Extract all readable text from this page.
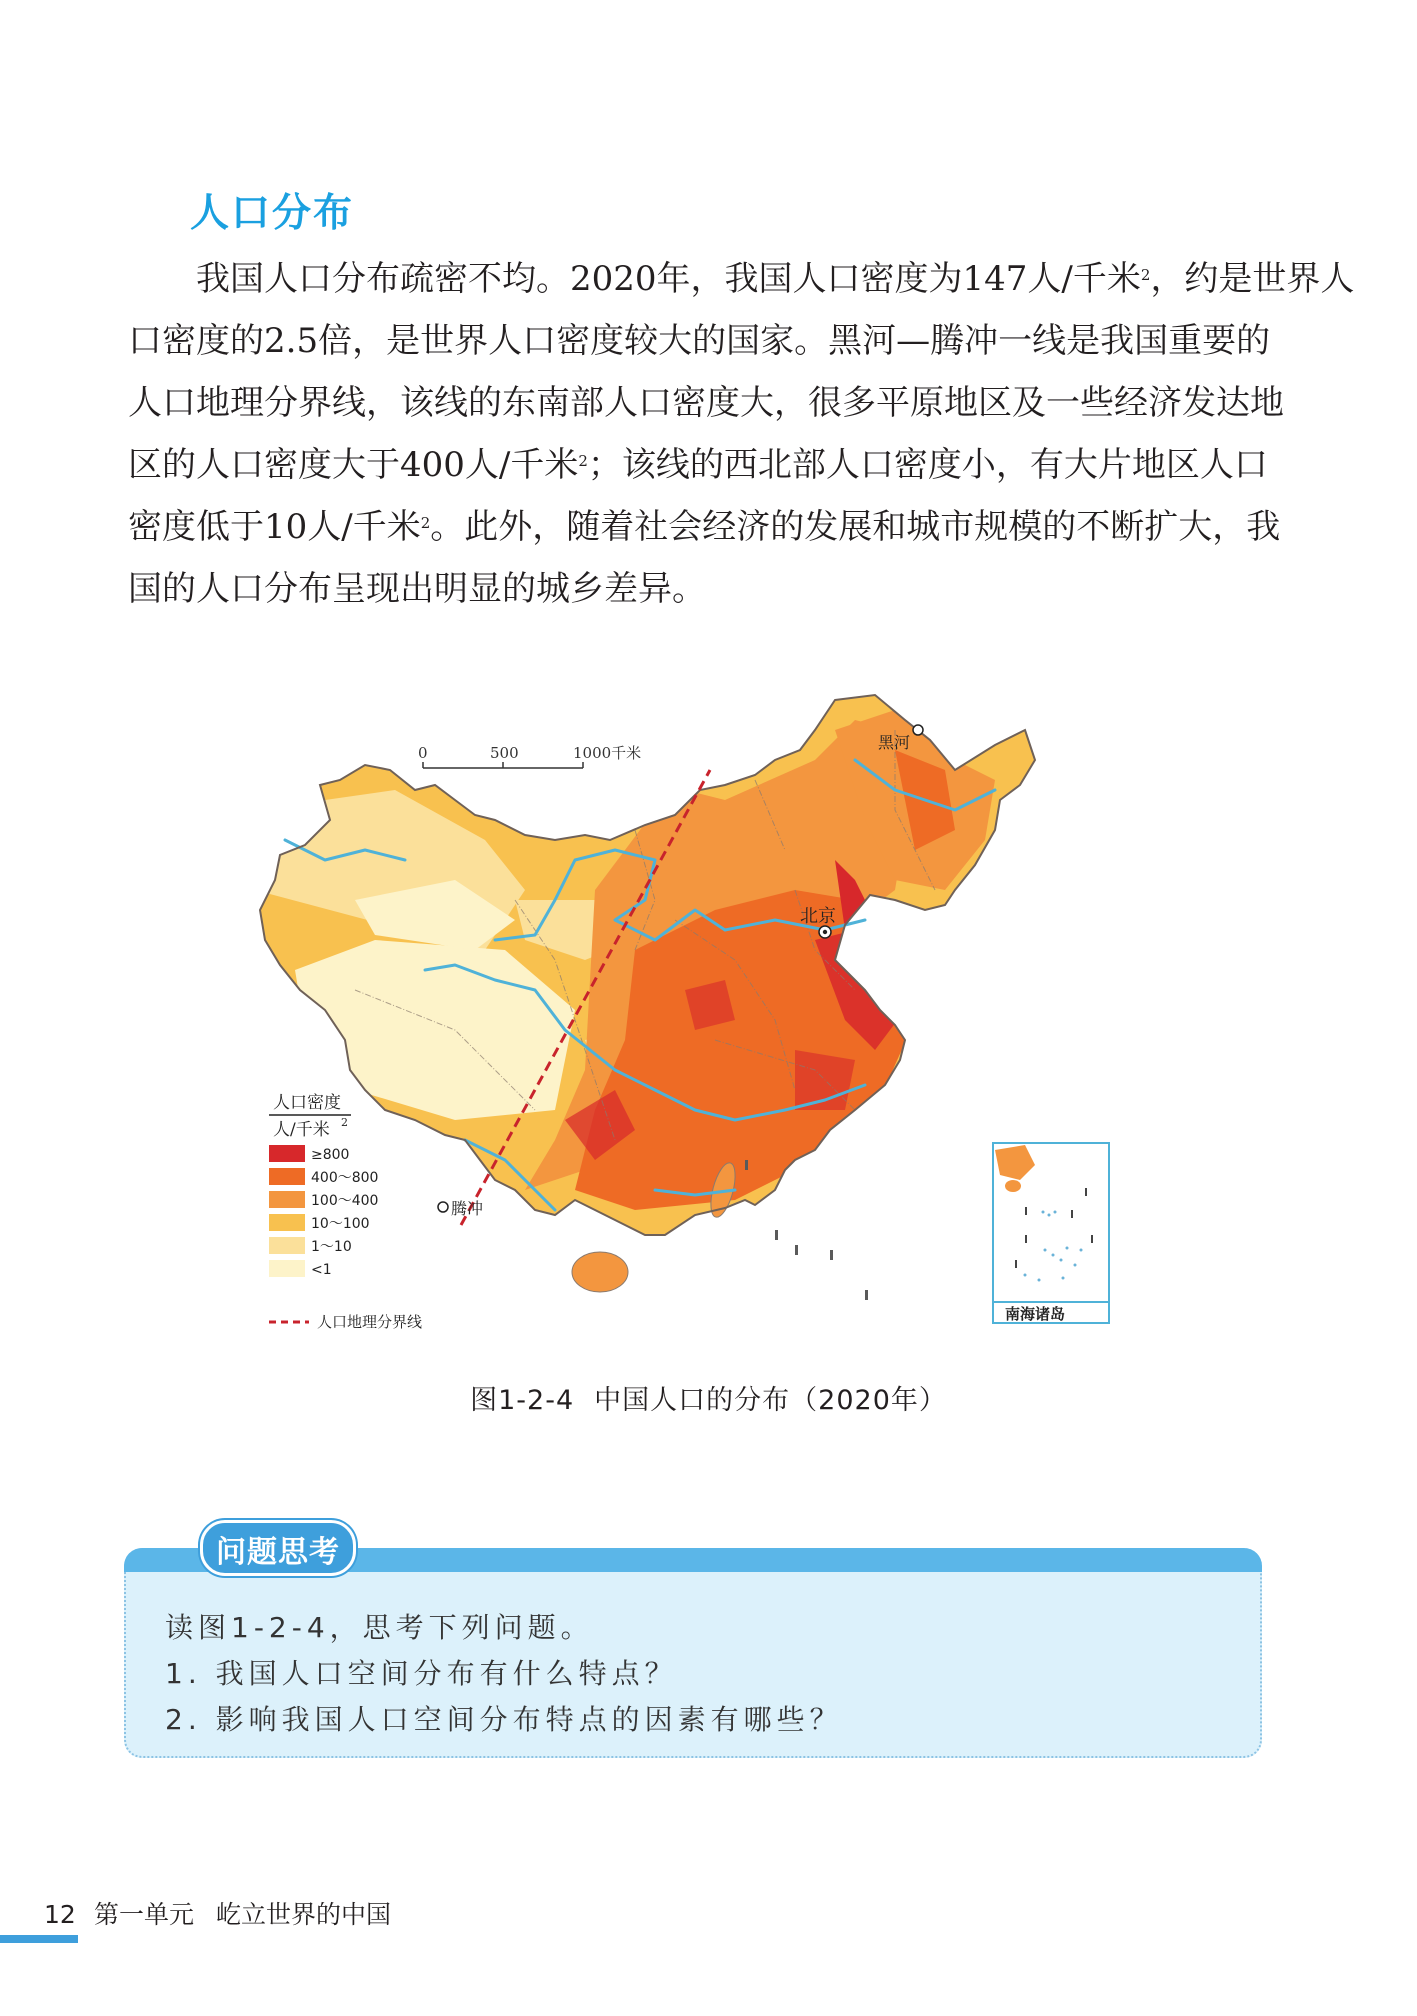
人口分布
我国人口分布疏密不均。2020年，我国人口密度为147人/千米$^2$，约是世界人
口密度的2.5倍，是世界人口密度较大的国家。黑河—腾冲一线是我国重要的
人口地理分界线，该线的东南部人口密度大，很多平原地区及一些经济发达地
区的人口密度大于400人/千米$^2$；该线的西北部人口密度小，有大片地区人口
密度低于10人/千米$^2$。此外，随着社会经济的发展和城市规模的不断扩大，我
国的人口分布呈现出明显的城乡差异。
0	500	1000千米
黑河
北京
腾冲
南海诸岛
人口密度
人/千米 2
≥800
400～800
100～400
10～100
1～10
<1
人口地理分界线
图1-2-4 中国人口的分布（2020年）
问题思考
读图1-2-4，思考下列问题。
1. 我国人口空间分布有什么特点？
2. 影响我国人口空间分布特点的因素有哪些？
12 第一单元 屹立世界的中国
